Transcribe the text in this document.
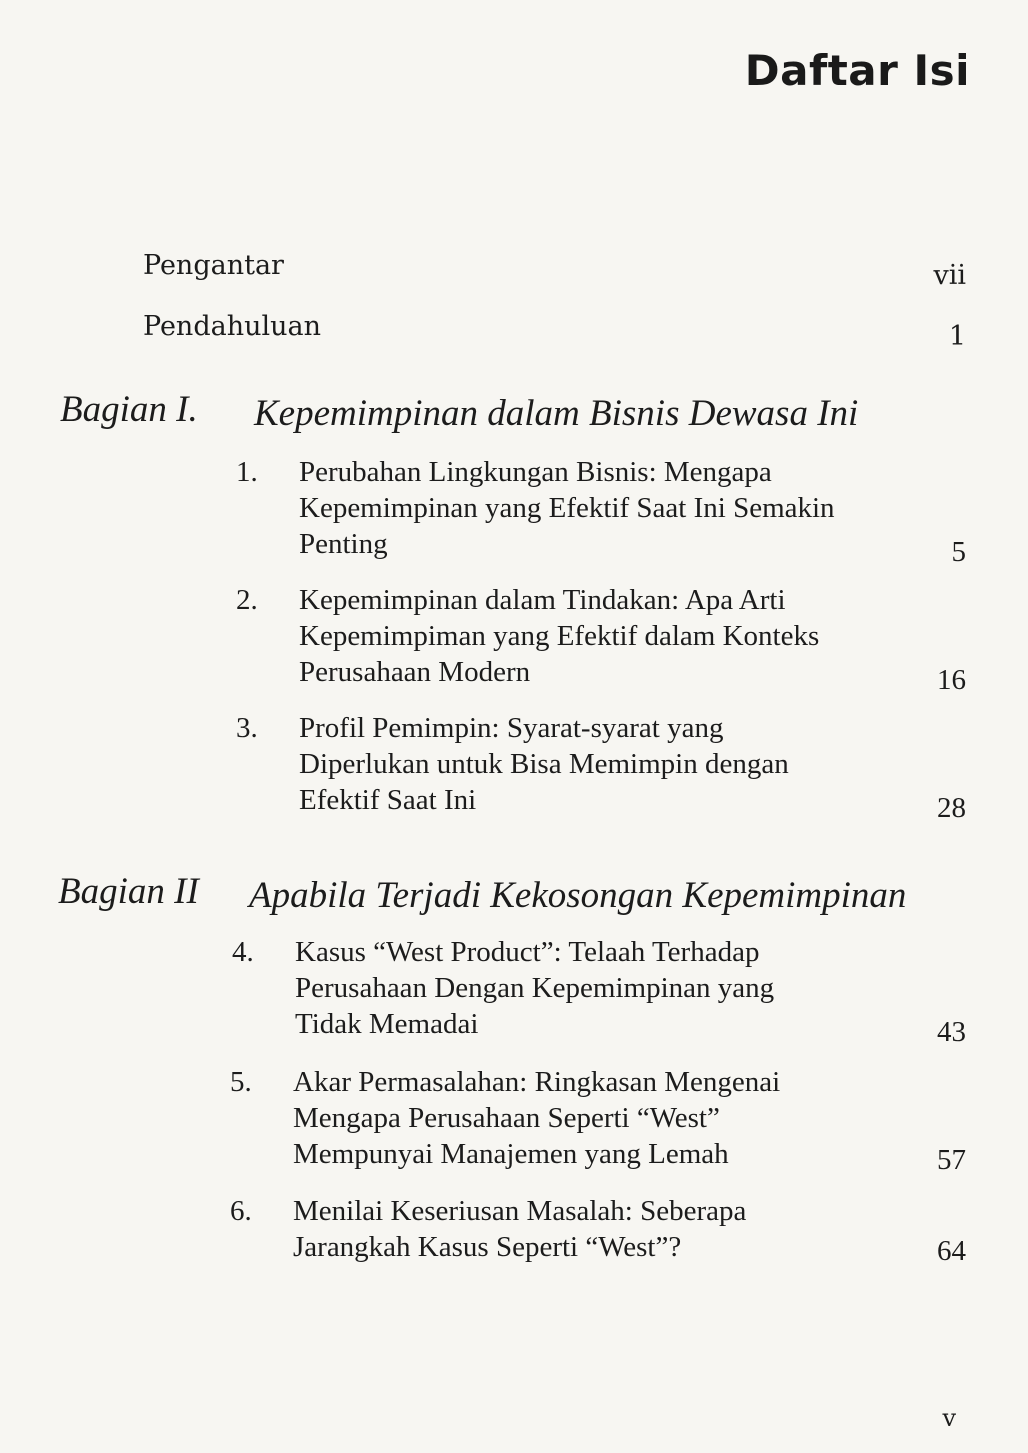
Daftar Isi
Pengantar	vii
Pendahuluan	1
Bagian I. Kepemimpinan dalam Bisnis Dewasa Ini
1. Perubahan Lingkungan Bisnis: Mengapa
Kepemimpinan yang Efektif Saat Ini Semakin
Penting	5
2. Kepemimpinan dalam Tindakan: Apa Arti
Kepemimpiman yang Efektif dalam Konteks
Perusahaan Modern	16
3. Profil Pemimpin: Syarat-syarat yang
Diperlukan untuk Bisa Memimpin dengan
Efektif Saat Ini	28
Bagian II Apabila Terjadi Kekosongan Kepemimpinan
4. Kasus “West Product”: Telaah Terhadap
Perusahaan Dengan Kepemimpinan yang
Tidak Memadai	43
5. Akar Permasalahan: Ringkasan Mengenai
Mengapa Perusahaan Seperti “West”
Mempunyai Manajemen yang Lemah	57
6. Menilai Keseriusan Masalah: Seberapa
Jarangkah Kasus Seperti “West”?	64
v
